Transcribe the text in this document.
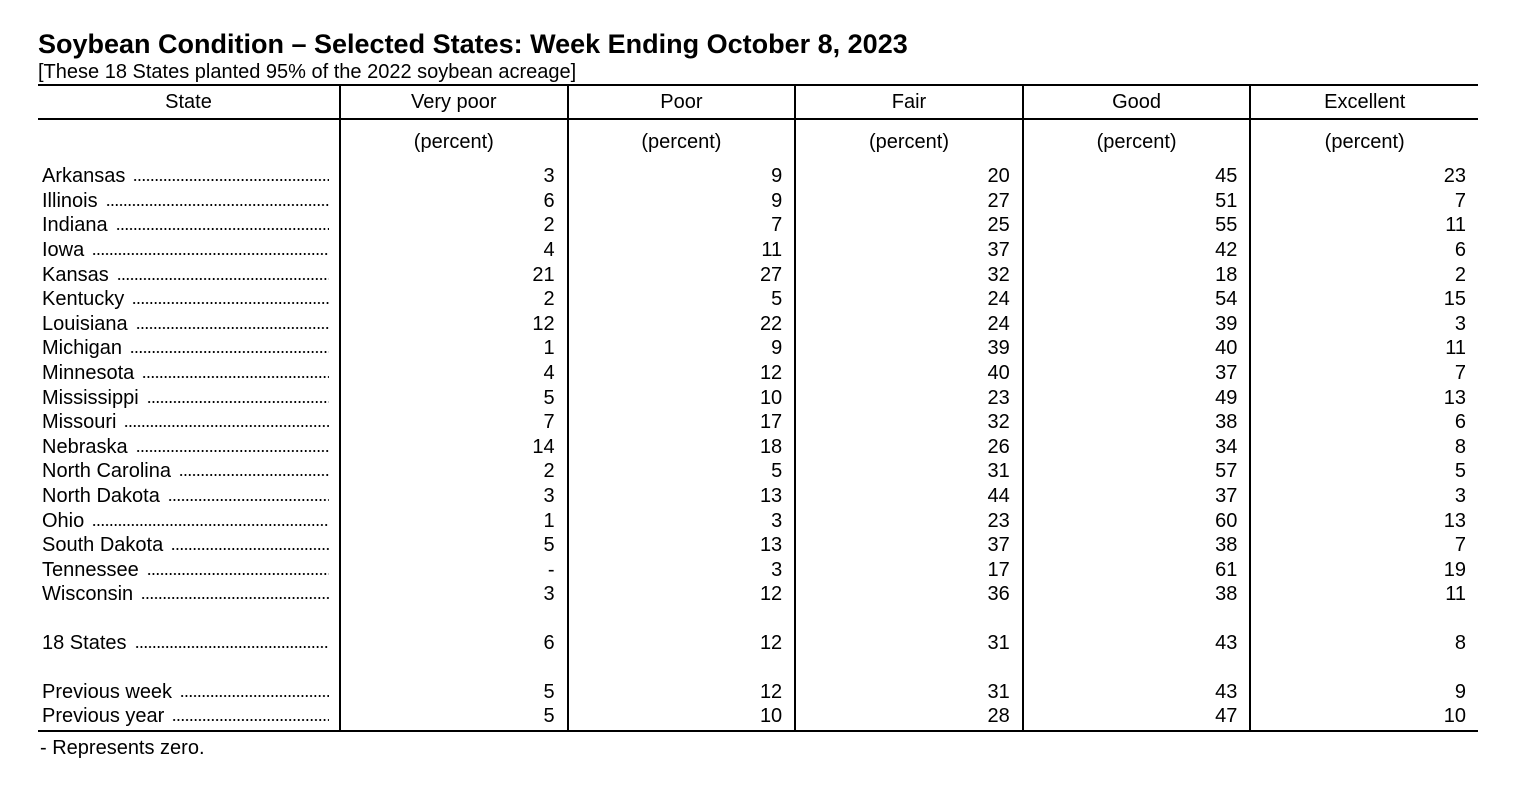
Soybean Condition – Selected States: Week Ending October 8, 2023

[These 18 States planted 95% of the 2022 soybean acreage]

State	Very poor	Poor	Fair	Good	Excellent
	(percent)	(percent)	(percent)	(percent)	(percent)

Arkansas	3	9	20	45	23

Illinois	6	9	27	51	7

Indiana	2	7	25	55	11

Iowa	4	11	37	42	6

Kansas	21	27	32	18	2

Kentucky	2	5	24	54	15

Louisiana	12	22	24	39	3

Michigan	1	9	39	40	11

Minnesota	4	12	40	37	7

Mississippi	5	10	23	49	13

Missouri	7	17	32	38	6

Nebraska	14	18	26	34	8

North Carolina	2	5	31	57	5

North Dakota	3	13	44	37	3

Ohio	1	3	23	60	13

South Dakota	5	13	37	38	7

Tennessee	-	3	17	61	19

Wisconsin	3	12	36	38	11

18 States	6	12	31	43	8

Previous week	5	12	31	43	9

Previous year	5	10	28	47	10
- Represents zero.
